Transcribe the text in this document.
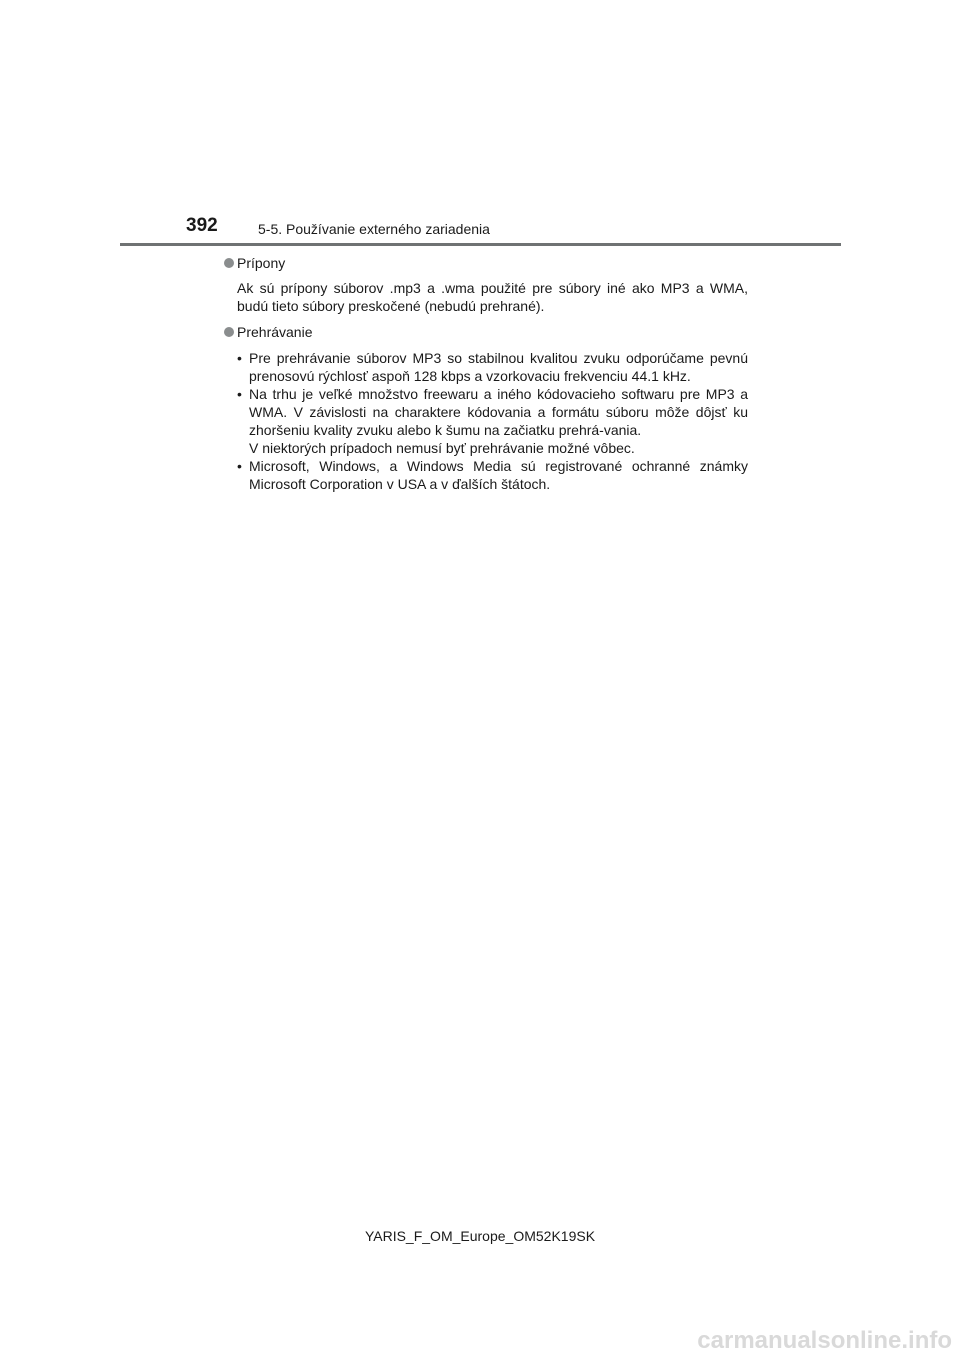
392	5-5. Používanie externého zariadenia
Prípony

Ak sú prípony súborov .mp3 a .wma použité pre súbory iné ako MP3 a WMA, budú tieto súbory preskočené (nebudú prehrané).

Prehrávanie
• Pre prehrávanie súborov MP3 so stabilnou kvalitou zvuku odporúčame pevnú prenosovú rýchlosť aspoň 128 kbps a vzorkovaciu frekvenciu 44.1 kHz.
• Na trhu je veľké množstvo freewaru a iného kódovacieho softwaru pre MP3 a WMA. V závislosti na charaktere kódovania a formátu súboru môže dôjsť ku zhoršeniu kvality zvuku alebo k šumu na začiatku prehrá-vania.
V niektorých prípadoch nemusí byť prehrávanie možné vôbec.
• Microsoft, Windows, a Windows Media sú registrované ochranné známky Microsoft Corporation v USA a v ďalších štátoch.
YARIS_F_OM_Europe_OM52K19SK
carmanualsonline.info
